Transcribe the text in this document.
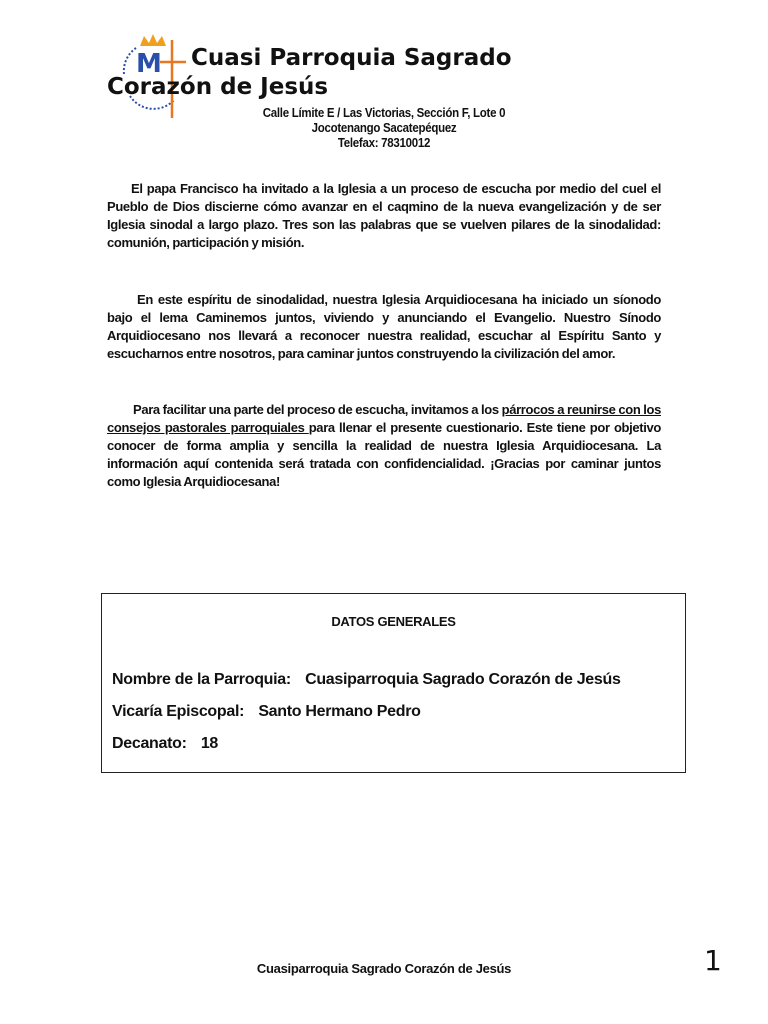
M	Cuasi Parroquia Sagrado
Corazón de Jesús
Calle Límite E / Las Victorias, Sección F, Lote 0
Jocotenango Sacatepéquez
Telefax: 78310012
El papa Francisco ha invitado a la Iglesia a un proceso de escucha por medio del cuel el Pueblo de Dios discierne cómo avanzar en el caqmino de la nueva evangelización y de ser Iglesia sinodal a largo plazo. Tres son las palabras que se vuelven pilares de la sinodalidad: comunión, participación y misión.
En este espíritu de sinodalidad, nuestra Iglesia Arquidiocesana ha iniciado un síonodo bajo el lema Caminemos juntos, viviendo y anunciando el Evangelio. Nuestro Sínodo Arquidiocesano nos llevará a reconocer nuestra realidad, escuchar al Espíritu Santo y escucharnos entre nosotros, para caminar juntos construyendo la civilización del amor.
Para facilitar una parte del proceso de escucha, invitamos a los párrocos a reunirse con los consejos pastorales parroquiales para llenar el presente cuestionario. Este tiene por objetivo conocer de forma amplia y sencilla la realidad de nuestra Iglesia Arquidiocesana. La información aquí contenida será tratada con confidencialidad. ¡Gracias por caminar juntos como Iglesia Arquidiocesana!
DATOS GENERALES
Nombre de la Parroquia: Cuasiparroquia Sagrado Corazón de Jesús
Vicaría Episcopal: Santo Hermano Pedro
Decanato: 18
Cuasiparroquia Sagrado Corazón de Jesús	1
